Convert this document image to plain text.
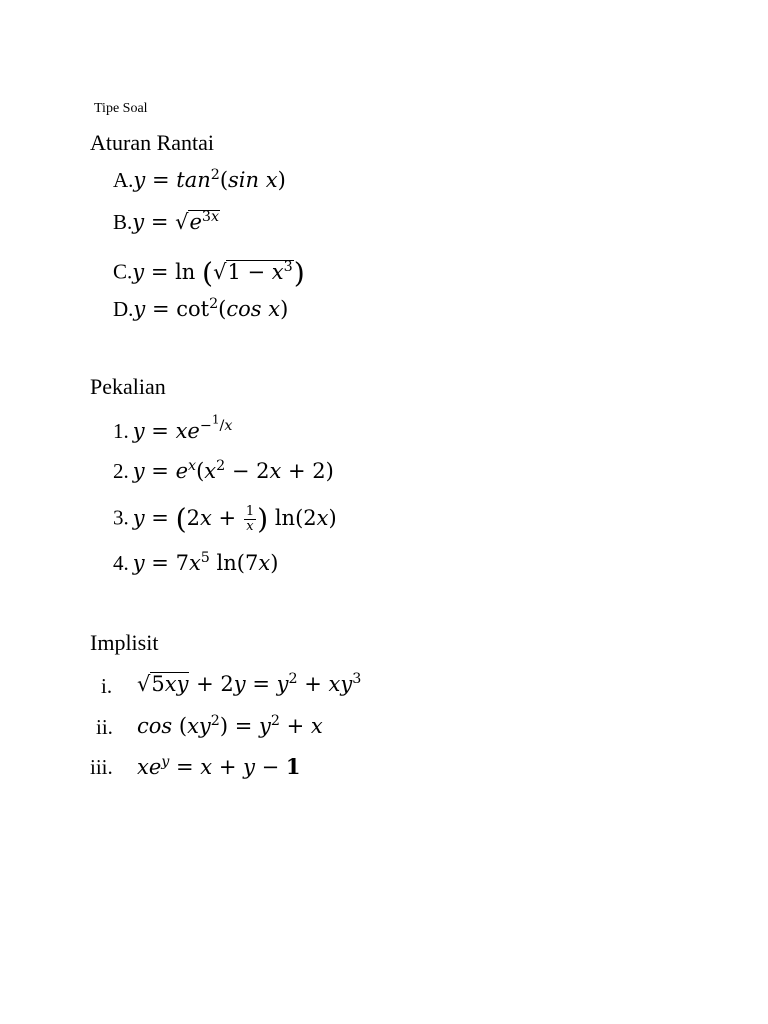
Tipe Soal
Aturan Rantai
$A.y = \tan^2(\sin$ x)
$B.y = √e^{3x}$
$C.y = \ln (√1 - x^3)$
$D.y = \cot^2(\cos$ x)
Pekalian
1. $y = xe^{-^1/x}$
2. $y = e^x(x^2 - 2x + 2)$
3. $y = (2x + \frac{1}{x}$ ) ln(2x)
4. $y = 7x^5$ ln(7x)
Implisit
i. $√5xy + 2y = y^2 + xy^3$
ii. $\cos (xy^2) = y^2 + x$
iii. $xe^y = x + y - 1$
